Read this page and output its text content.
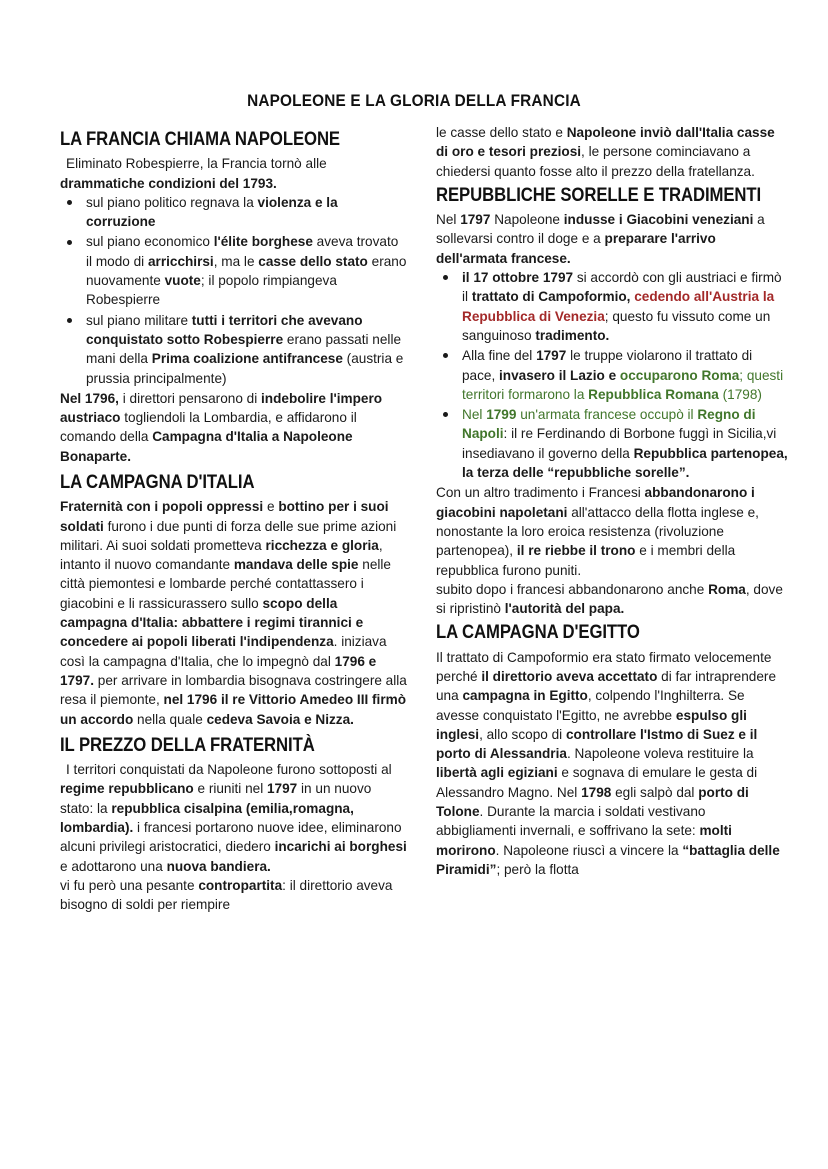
NAPOLEONE E LA GLORIA DELLA FRANCIA
LA FRANCIA CHIAMA NAPOLEONE

Eliminato Robespierre, la Francia tornò alle drammatiche condizioni del 1793.

sul piano politico regnava la violenza e la corruzione
sul piano economico l'élite borghese aveva trovato il modo di arricchirsi, ma le casse dello stato erano nuovamente vuote; il popolo rimpiangeva Robespierre
sul piano militare tutti i territori che avevano conquistato sotto Robespierre erano passati nelle mani della Prima coalizione antifrancese (austria e prussia principalmente)

Nel 1796, i direttori pensarono di indebolire l'impero austriaco togliendoli la Lombardia, e affidarono il comando della Campagna d'Italia a Napoleone Bonaparte.

LA CAMPAGNA D'ITALIA

Fraternità con i popoli oppressi e bottino per i suoi soldati furono i due punti di forza delle sue prime azioni militari. Ai suoi soldati prometteva ricchezza e gloria, intanto il nuovo comandante mandava delle spie nelle città piemontesi e lombarde perché contattassero i giacobini e li rassicurassero sullo scopo della campagna d'Italia: abbattere i regimi tirannici e concedere ai popoli liberati l'indipendenza. iniziava così la campagna d'Italia, che lo impegnò dal 1796 e 1797. per arrivare in lombardia bisognava costringere alla resa il piemonte, nel 1796 il re Vittorio Amedeo III firmò un accordo nella quale cedeva Savoia e Nizza.

IL PREZZO DELLA FRATERNITÀ

I territori conquistati da Napoleone furono sottoposti al regime repubblicano e riuniti nel 1797 in un nuovo stato: la repubblica cisalpina (emilia,romagna, lombardia). i francesi portarono nuove idee, eliminarono alcuni privilegi aristocratici, diedero incarichi ai borghesi e adottarono una nuova bandiera.

vi fu però una pesante contropartita: il direttorio aveva bisogno di soldi per riempire

le casse dello stato e Napoleone inviò dall'Italia casse di oro e tesori preziosi, le persone cominciavano a chiedersi quanto fosse alto il prezzo della fratellanza.

REPUBBLICHE SORELLE E TRADIMENTI

Nel 1797 Napoleone indusse i Giacobini veneziani a sollevarsi contro il doge e a preparare l'arrivo dell'armata francese.

il 17 ottobre 1797 si accordò con gli austriaci e firmò il trattato di Campoformio, cedendo all'Austria la Repubblica di Venezia; questo fu vissuto come un sanguinoso tradimento.
Alla fine del 1797 le truppe violarono il trattato di pace, invasero il Lazio e occuparono Roma; questi territori formarono la Repubblica Romana (1798)
Nel 1799 un'armata francese occupò il Regno di Napoli: il re Ferdinando di Borbone fuggì in Sicilia,vi insediavano il governo della Repubblica partenopea, la terza delle “repubbliche sorelle”.

Con un altro tradimento i Francesi abbandonarono i giacobini napoletani all'attacco della flotta inglese e, nonostante la loro eroica resistenza (rivoluzione partenopea), il re riebbe il trono e i membri della repubblica furono puniti.

subito dopo i francesi abbandonarono anche Roma, dove si ripristinò l'autorità del papa.

LA CAMPAGNA D'EGITTO

Il trattato di Campoformio era stato firmato velocemente perché il direttorio aveva accettato di far intraprendere una campagna in Egitto, colpendo l'Inghilterra. Se avesse conquistato l'Egitto, ne avrebbe espulso gli inglesi, allo scopo di controllare l'Istmo di Suez e il porto di Alessandria. Napoleone voleva restituire la libertà agli egiziani e sognava di emulare le gesta di Alessandro Magno. Nel 1798 egli salpò dal porto di Tolone. Durante la marcia i soldati vestivano abbigliamenti invernali, e soffrivano la sete: molti morirono. Napoleone riuscì a vincere la “battaglia delle Piramidi”; però la flotta
